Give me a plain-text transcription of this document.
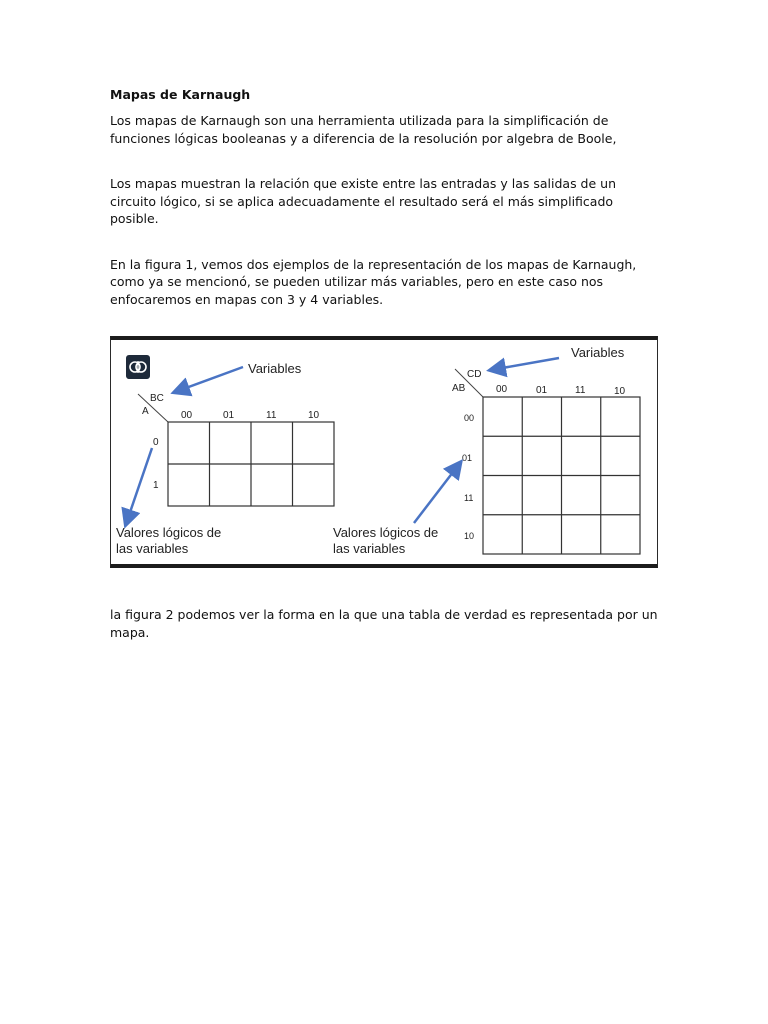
Mapas de Karnaugh

Los mapas de Karnaugh son una herramienta utilizada para la simplificación de funciones lógicas booleanas y a diferencia de la resolución por algebra de Boole,

Los mapas muestran la relación que existe entre las entradas y las salidas de un circuito lógico, si se aplica adecuadamente el resultado será el más simplificado posible.

En la figura 1, vemos dos ejemplos de la representación de los mapas de Karnaugh, como ya se mencionó, se pueden utilizar más variables, pero en este caso nos enfocaremos en mapas con 3 y 4 variables.

Variables
BC
A	00	01	11	10
0
1
Valores lógicos de
las variables
Variables
CD
AB	00	01	11	10
00
01
11
10
Valores lógicos de
las variables

la figura 2 podemos ver la forma en la que una tabla de verdad es representada por un mapa.
